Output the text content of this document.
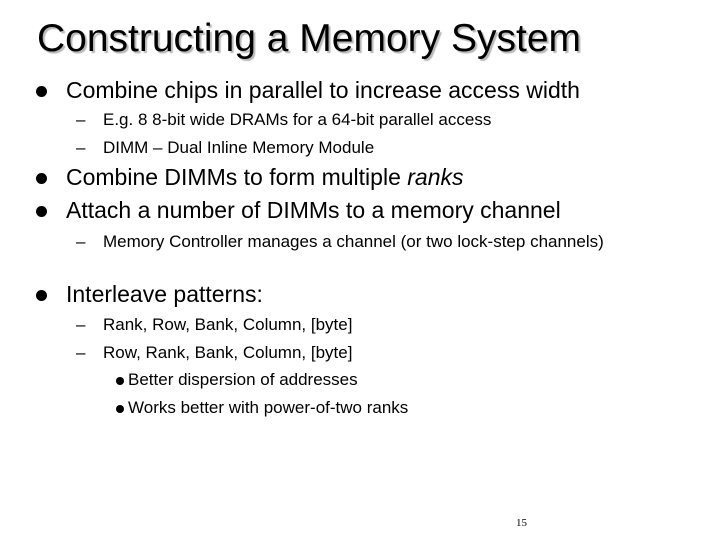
Constructing a Memory System
Combine chips in parallel to increase access width
– E.g. 8 8-bit wide DRAMs for a 64-bit parallel access
– DIMM – Dual Inline Memory Module
Combine DIMMs to form multiple ranks
Attach a number of DIMMs to a memory channel
– Memory Controller manages a channel (or two lock-step channels)
Interleave patterns:
– Rank, Row, Bank, Column, [byte]
– Row, Rank, Bank, Column, [byte]
Better dispersion of addresses
Works better with power-of-two ranks
15
